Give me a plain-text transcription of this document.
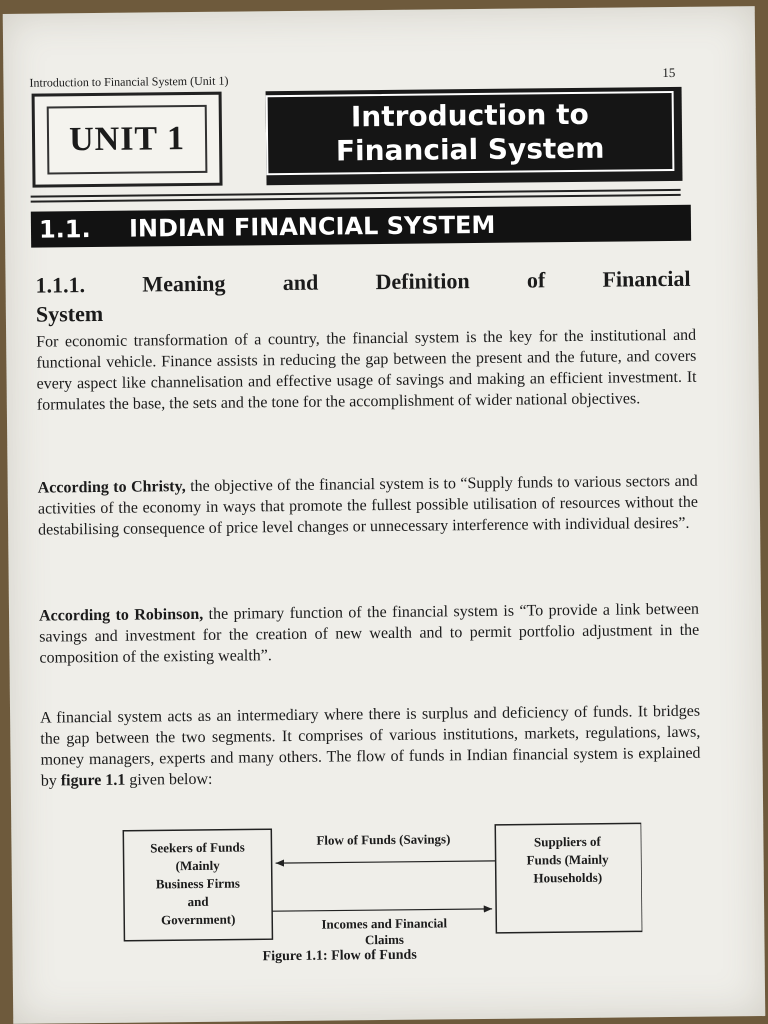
Introduction to Financial System (Unit 1)
15
UNIT 1
Introduction to
Financial System
1.1.	INDIAN FINANCIAL SYSTEM
1.1.1. Meaning and Definition of Financial
System
For economic transformation of a country, the financial system is the key for the institutional and functional vehicle. Finance assists in reducing the gap between the present and the future, and covers every aspect like channelisation and effective usage of savings and making an efficient investment. It formulates the base, the sets and the tone for the accomplishment of wider national objectives.
According to Christy, the objective of the financial system is to “Supply funds to various sectors and activities of the economy in ways that promote the fullest possible utilisation of resources without the destabilising consequence of price level changes or unnecessary interference with individual desires”.
According to Robinson, the primary function of the financial system is “To provide a link between savings and investment for the creation of new wealth and to permit portfolio adjustment in the composition of the existing wealth”.
A financial system acts as an intermediary where there is surplus and deficiency of funds. It bridges the gap between the two segments. It comprises of various institutions, markets, regulations, laws, money managers, experts and many others. The flow of funds in Indian financial system is explained by figure 1.1 given below:
Seekers of Funds
(Mainly
Business Firms
and
Government)
Suppliers of
Funds (Mainly
Households)
Flow of Funds (Savings)
Incomes and Financial
Claims
Figure 1.1: Flow of Funds
